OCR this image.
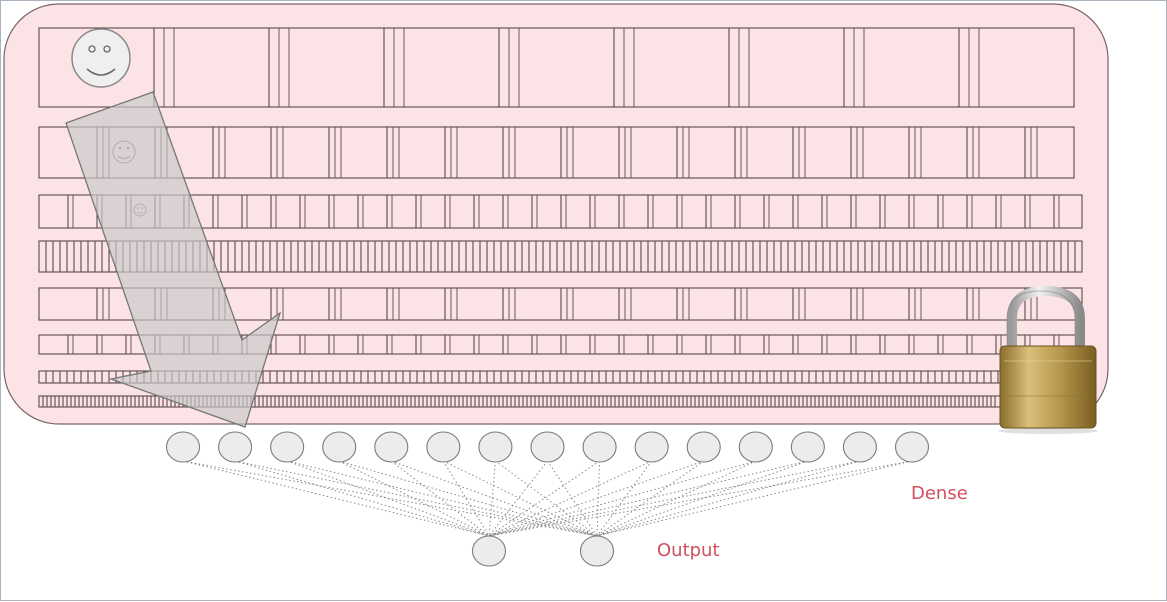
Dense
Output
